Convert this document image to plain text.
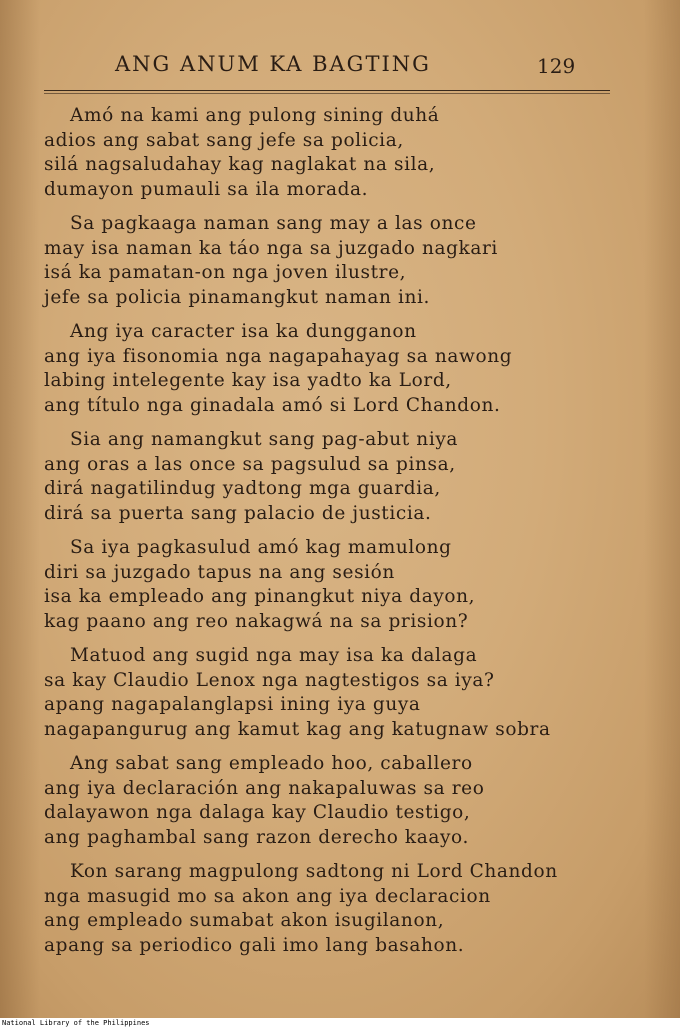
ANG ANUM KA BAGTING	129
Amó na kami ang pulong sining duhá
adios ang sabat sang jefe sa policia,
silá nagsaludahay kag naglakat na sila,
dumayon pumauli sa ila morada.
Sa pagkaaga naman sang may a las once
may isa naman ka táo nga sa juzgado nagkari
isá ka pamatan-on nga joven ilustre,
jefe sa policia pinamangkut naman ini.
Ang iya caracter isa ka dungganon
ang iya fisonomia nga nagapahayag sa nawong
labing intelegente kay isa yadto ka Lord,
ang título nga ginadala amó si Lord Chandon.
Sia ang namangkut sang pag-abut niya
ang oras a las once sa pagsulud sa pinsa,
dirá nagatilindug yadtong mga guardia,
dirá sa puerta sang palacio de justicia.
Sa iya pagkasulud amó kag mamulong
diri sa juzgado tapus na ang sesión
isa ka empleado ang pinangkut niya dayon,
kag paano ang reo nakagwá na sa prision?
Matuod ang sugid nga may isa ka dalaga
sa kay Claudio Lenox nga nagtestigos sa iya?
apang nagapalanglapsi ining iya guya
nagapangurug ang kamut kag ang katugnaw sobra
Ang sabat sang empleado hoo, caballero
ang iya declaración ang nakapaluwas sa reo
dalayawon nga dalaga kay Claudio testigo,
ang paghambal sang razon derecho kaayo.
Kon sarang magpulong sadtong ni Lord Chandon
nga masugid mo sa akon ang iya declaracion
ang empleado sumabat akon isugilanon,
apang sa periodico gali imo lang basahon.
National Library of the Philippines
